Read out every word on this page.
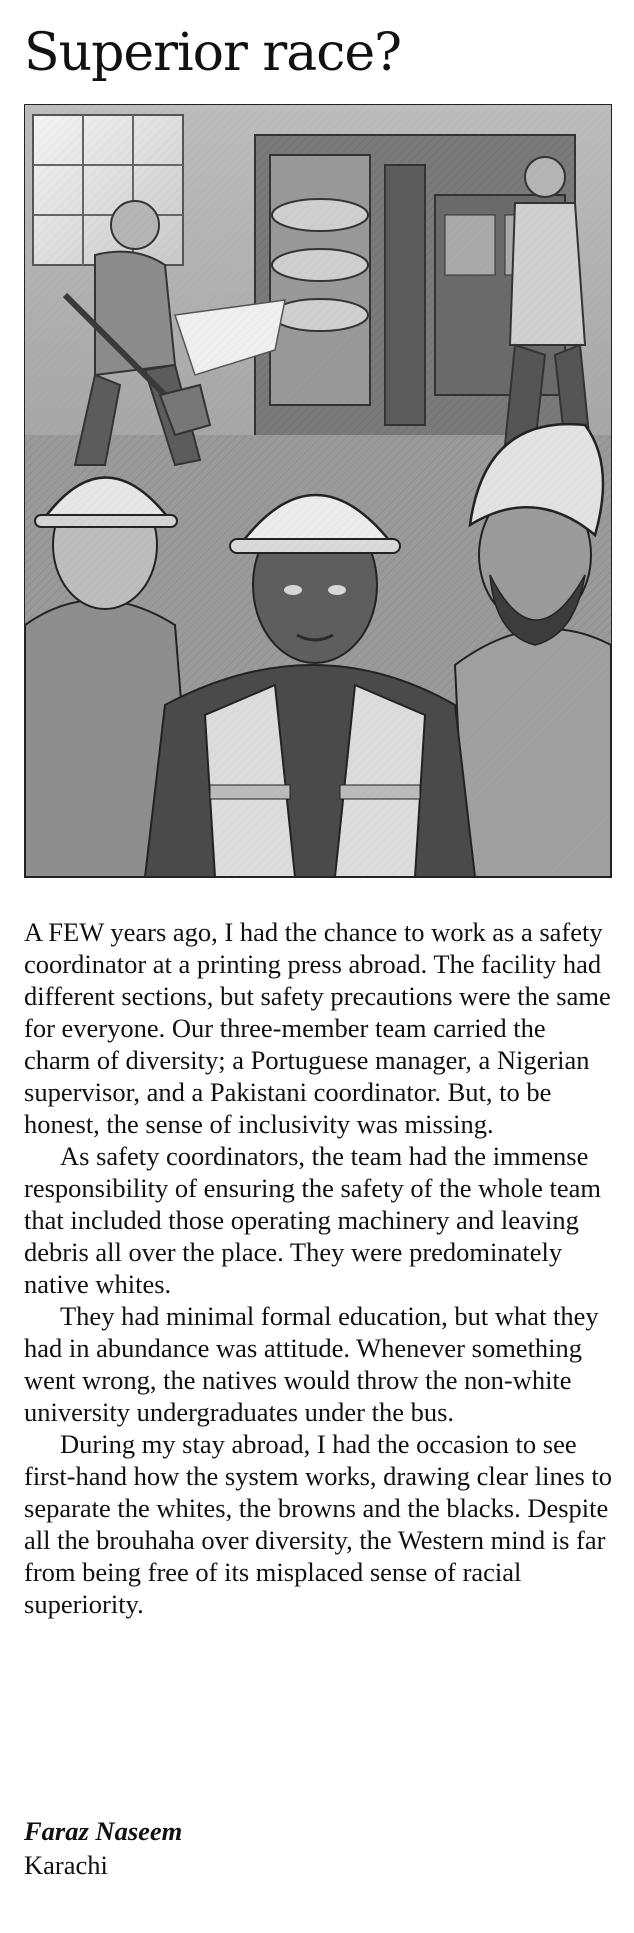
Superior race?

A FEW years ago, I had the chance to work as a safety coordinator at a printing press abroad. The facility had different sections, but safety precautions were the same for everyone. Our three-member team carried the charm of diversity; a Portuguese manager, a Nigerian supervisor, and a Pakistani coordinator. But, to be honest, the sense of inclusivity was missing.

As safety coordinators, the team had the immense responsibility of ensuring the safety of the whole team that included those operating machinery and leaving debris all over the place. They were predominately native whites.

They had minimal formal education, but what they had in abundance was attitude. Whenever something went wrong, the natives would throw the non-white university undergraduates under the bus.

During my stay abroad, I had the occasion to see first-hand how the system works, drawing clear lines to separate the whites, the browns and the blacks. Despite all the brouhaha over diversity, the Western mind is far from being free of its misplaced sense of racial superiority.

Faraz Naseem
Karachi
